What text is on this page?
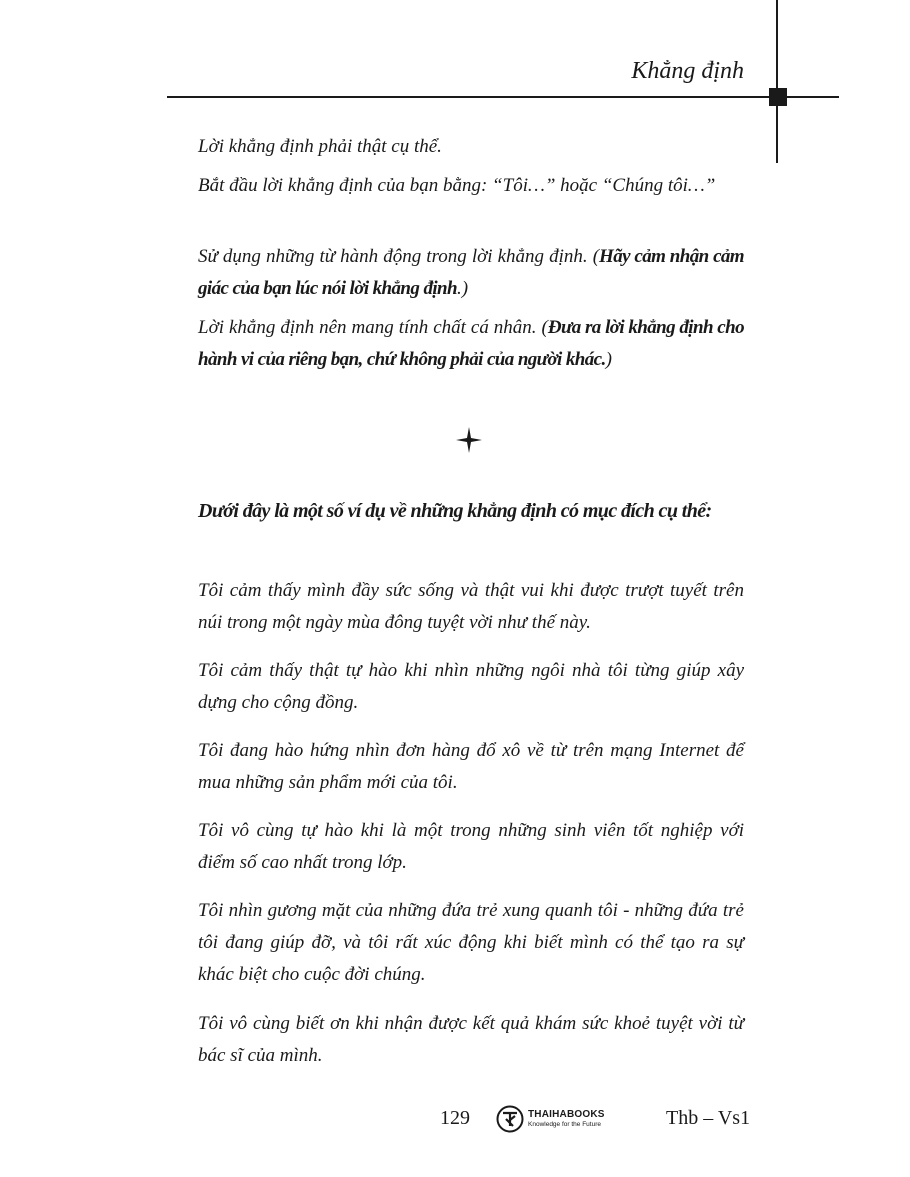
Khẳng định
Lời khẳng định phải thật cụ thể.
Bắt đầu lời khẳng định của bạn bằng: “Tôi…” hoặc “Chúng tôi…”
Sử dụng những từ hành động trong lời khẳng định. (Hãy cảm nhận cảm giác của bạn lúc nói lời khẳng định.)
Lời khẳng định nên mang tính chất cá nhân. (Đưa ra lời khẳng định cho hành vi của riêng bạn, chứ không phải của người khác.)
Dưới đây là một số ví dụ về những khẳng định có mục đích cụ thể:
Tôi cảm thấy mình đầy sức sống và thật vui khi được trượt tuyết trên núi trong một ngày mùa đông tuyệt vời như thế này.
Tôi cảm thấy thật tự hào khi nhìn những ngôi nhà tôi từng giúp xây dựng cho cộng đồng.
Tôi đang hào hứng nhìn đơn hàng đổ xô về từ trên mạng Internet để mua những sản phẩm mới của tôi.
Tôi vô cùng tự hào khi là một trong những sinh viên tốt nghiệp với điểm số cao nhất trong lớp.
Tôi nhìn gương mặt của những đứa trẻ xung quanh tôi - những đứa trẻ tôi đang giúp đỡ, và tôi rất xúc động khi biết mình có thể tạo ra sự khác biệt cho cuộc đời chúng.
Tôi vô cùng biết ơn khi nhận được kết quả khám sức khoẻ tuyệt vời từ bác sĩ của mình.
129	THAIHABOOKS
Knowledge for the Future	Thb – Vs1
